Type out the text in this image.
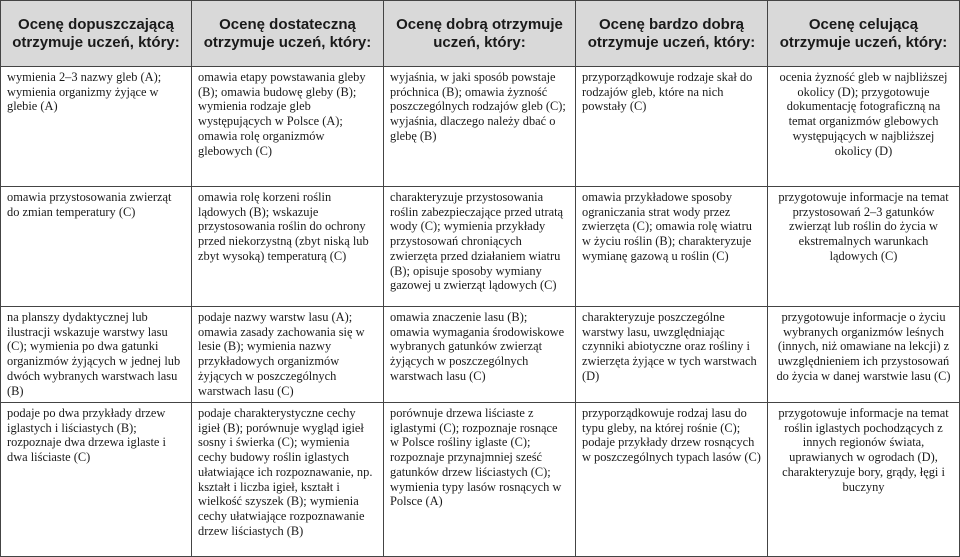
Ocenę dopuszczającą otrzymuje uczeń, który:
Ocenę dostateczną otrzymuje uczeń, który:
Ocenę dobrą otrzymuje uczeń, który:
Ocenę bardzo dobrą otrzymuje uczeń, który:
Ocenę celującą otrzymuje uczeń, który:
wymienia 2–3 nazwy gleb (A); wymienia organizmy żyjące w glebie (A)
omawia etapy powstawania gleby (B); omawia budowę gleby (B); wymienia rodzaje gleb występujących w Polsce (A); omawia rolę organizmów glebowych (C)
wyjaśnia, w jaki sposób powstaje próchnica (B); omawia żyzność poszczególnych rodzajów gleb (C); wyjaśnia, dlaczego należy dbać o glebę (B)
przyporządkowuje rodzaje skał do rodzajów gleb, które na nich powstały (C)
ocenia żyzność gleb w najbliższej okolicy (D); przygotowuje dokumentację fotograficzną na temat organizmów glebowych występujących w najbliższej okolicy (D)
omawia przystosowania zwierząt do zmian temperatury (C)
omawia rolę korzeni roślin lądowych (B); wskazuje przystosowania roślin do ochrony przed niekorzystną (zbyt niską lub zbyt wysoką) temperaturą (C)
charakteryzuje przystosowania roślin zabezpieczające przed utratą wody (C); wymienia przykłady przystosowań chroniących zwierzęta przed działaniem wiatru (B); opisuje sposoby wymiany gazowej u zwierząt lądowych (C)
omawia przykładowe sposoby ograniczania strat wody przez zwierzęta (C); omawia rolę wiatru w życiu roślin (B); charakteryzuje wymianę gazową u roślin (C)
przygotowuje informacje na temat przystosowań 2–3 gatunków zwierząt lub roślin do życia w ekstremalnych warunkach lądowych (C)
na planszy dydaktycznej lub ilustracji wskazuje warstwy lasu (C); wymienia po dwa gatunki organizmów żyjących w jednej lub dwóch wybranych warstwach lasu (B)
podaje nazwy warstw lasu (A); omawia zasady zachowania się w lesie (B); wymienia nazwy przykładowych organizmów żyjących w poszczególnych warstwach lasu (C)
omawia znaczenie lasu (B); omawia wymagania środowiskowe wybranych gatunków zwierząt żyjących w poszczególnych warstwach lasu (C)
charakteryzuje poszczególne warstwy lasu, uwzględniając czynniki abiotyczne oraz rośliny i zwierzęta żyjące w tych warstwach (D)
przygotowuje informacje o życiu wybranych organizmów leśnych (innych, niż omawiane na lekcji) z uwzględnieniem ich przystosowań do życia w danej warstwie lasu (C)
podaje po dwa przykłady drzew iglastych i liściastych (B); rozpoznaje dwa drzewa iglaste i dwa liściaste (C)
podaje charakterystyczne cechy igieł (B); porównuje wygląd igieł sosny i świerka (C); wymienia cechy budowy roślin iglastych ułatwiające ich rozpoznawanie, np. kształt i liczba igieł, kształt i wielkość szyszek (B); wymienia cechy ułatwiające rozpoznawanie drzew liściastych (B)
porównuje drzewa liściaste z iglastymi (C); rozpoznaje rosnące w Polsce rośliny iglaste (C); rozpoznaje przynajmniej sześć gatunków drzew liściastych (C); wymienia typy lasów rosnących w Polsce (A)
przyporządkowuje rodzaj lasu do typu gleby, na której rośnie (C); podaje przykłady drzew rosnących w poszczególnych typach lasów (C)
przygotowuje informacje na temat roślin iglastych pochodzących z innych regionów świata, uprawianych w ogrodach (D), charakteryzuje bory, grądy, łęgi i buczyny
